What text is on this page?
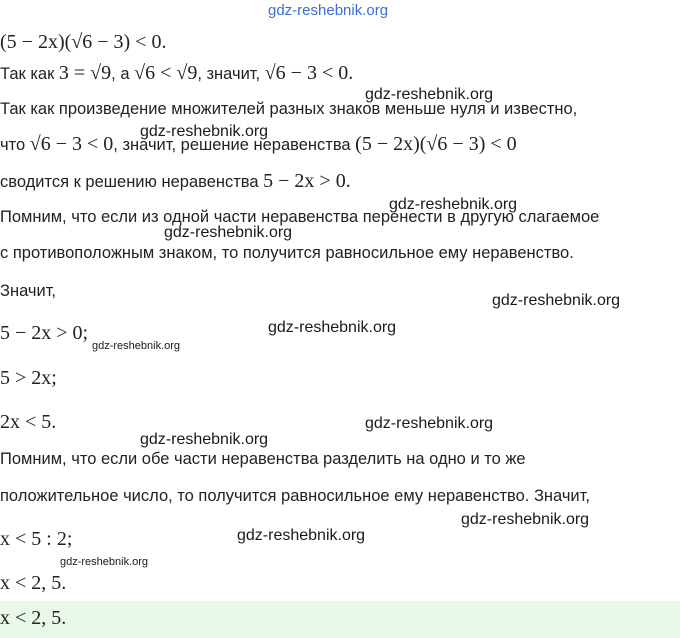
gdz-reshebnik.org
gdz-reshebnik.org
gdz-reshebnik.org
gdz-reshebnik.org
gdz-reshebnik.org
gdz-reshebnik.org
gdz-reshebnik.org
gdz-reshebnik.org
gdz-reshebnik.org
gdz-reshebnik.org
gdz-reshebnik.org
gdz-reshebnik.org
gdz-reshebnik.org
(5 − 2x)(√6 − 3) < 0.
Так как 3 = √9, а √6 < √9, значит, √6 − 3 < 0.
Так как произведение множителей разных знаков меньше нуля и известно,
что √6 − 3 < 0, значит, решение неравенства (5 − 2x)(√6 − 3) < 0
сводится к решению неравенства 5 − 2x > 0.
Помним, что если из одной части неравенства перенести в другую слагаемое
с противоположным знаком, то получится равносильное ему неравенство.
Значит,
5 − 2x > 0;
5 > 2x;
2x < 5.
Помним, что если обе части неравенства разделить на одно и то же
положительное число, то получится равносильное ему неравенство. Значит,
x < 5 : 2;
x < 2, 5.
x < 2, 5.
